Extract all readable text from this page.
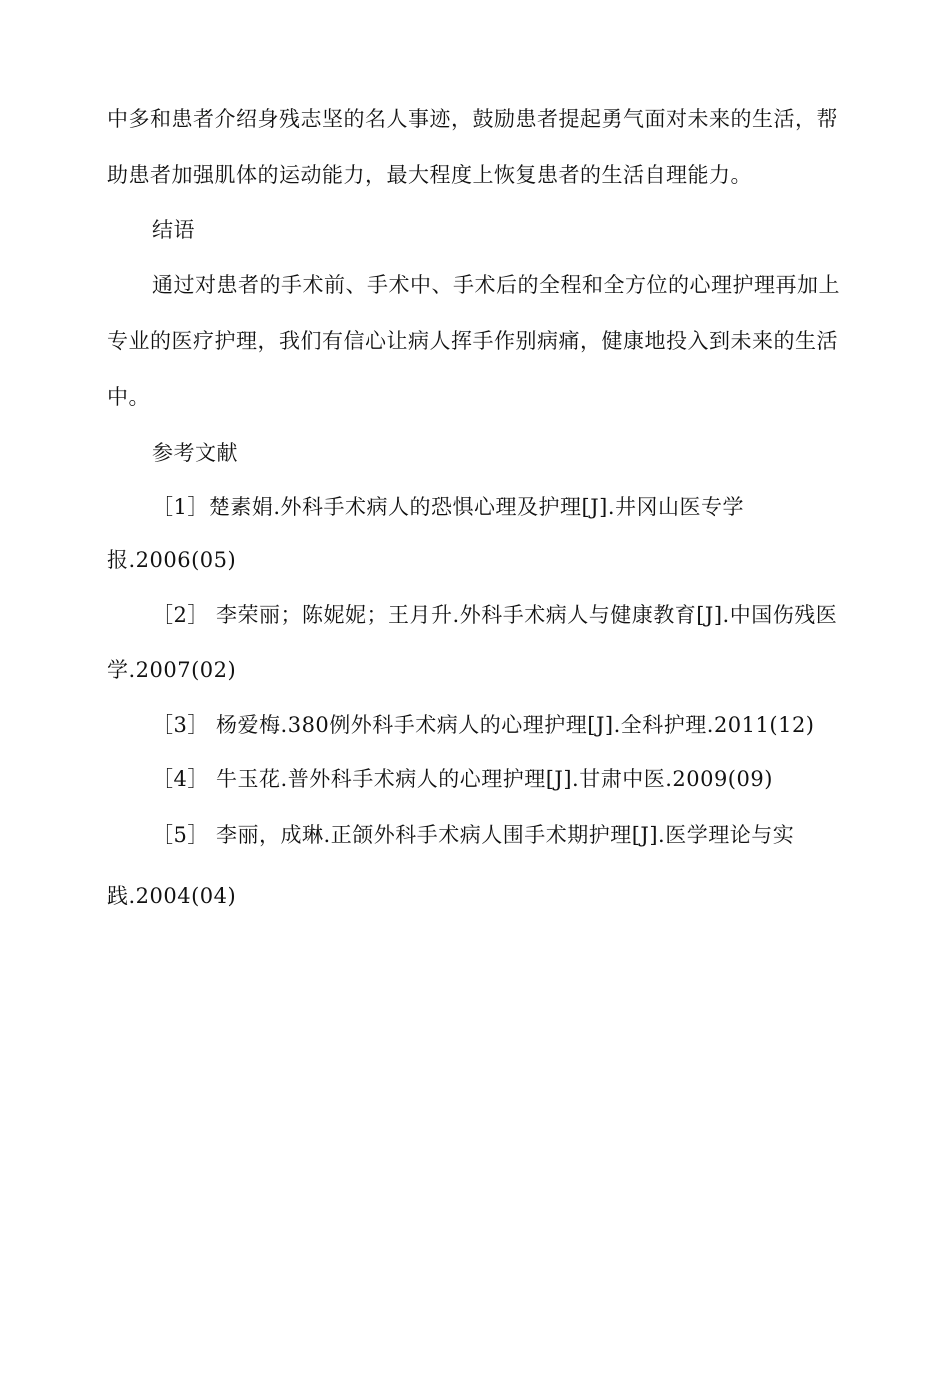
中多和患者介绍身残志坚的名人事迹，鼓励患者提起勇气面对未来的生活，帮
助患者加强肌体的运动能力，最大程度上恢复患者的生活自理能力。
结语
通过对患者的手术前、手术中、手术后的全程和全方位的心理护理再加上
专业的医疗护理，我们有信心让病人挥手作别病痛，健康地投入到未来的生活
中。
参考文献
［1］楚素娟.外科手术病人的恐惧心理及护理[J].井冈山医专学
报.2006(05)
［2］ 李荣丽；陈妮妮；王月升.外科手术病人与健康教育[J].中国伤残医
学.2007(02)
［3］ 杨爱梅.380例外科手术病人的心理护理[J].全科护理.2011(12)
［4］ 牛玉花.普外科手术病人的心理护理[J].甘肃中医.2009(09)
［5］ 李丽，成琳.正颌外科手术病人围手术期护理[J].医学理论与实
践.2004(04)
